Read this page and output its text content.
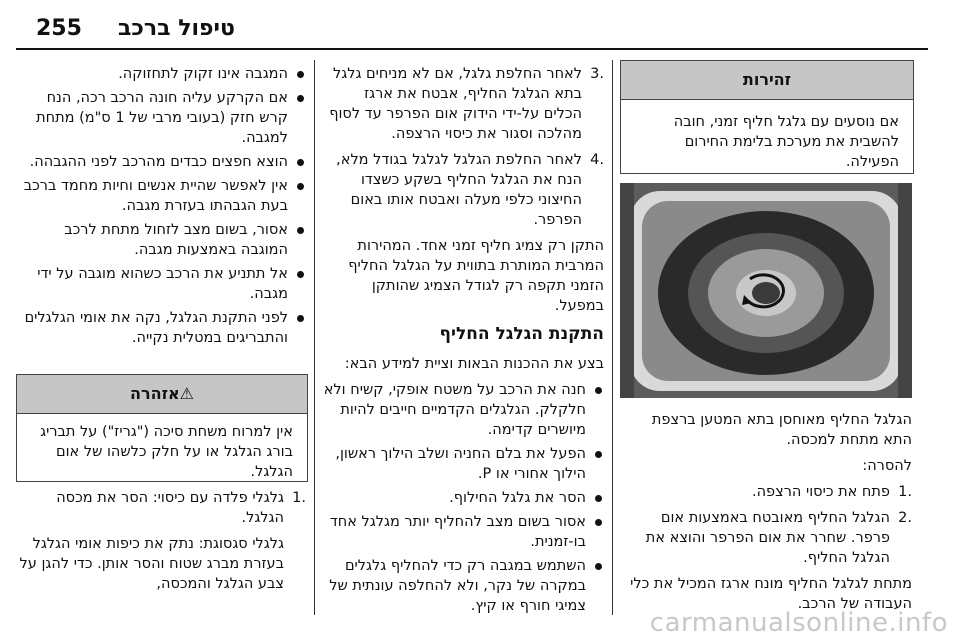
255 טיפול ברכב
זהירות
אם נוסעים עם גלגל חליף זמני, חובה להשבית את מערכת בלימת החירום הפעילה.

הגלגל החליף מאוחסן בתא המטען ברצפת התא מתחת למכסה.

להסרה:

1.
פתח את כיסוי הרצפה.
2.
הגלגל החליף מאובטח באמצעות אום פרפר. שחרר את אום הפרפר והוצא את הגלגל החליף.

מתחת לגלגל החליף מונח ארגז המכיל את כלי העבודה של הרכב.

3.
לאחר החלפת גלגל, אם לא מניחים גלגל בתא הגלגל החליף, אבטח את ארגז הכלים על-ידי הידוק אום הפרפר עד לסוף מהלכה וסגור את כיסוי הרצפה.
4.
לאחר החלפת הגלגל לגלגל בגודל מלא, הנח את הגלגל החליף בשקע כשצדו החיצוני כלפי מעלה ואבטח אותו באום הפרפר.

התקן רק צמיג חליף זמני אחד. המהירות המרבית המותרת בתווית על הגלגל החליף הזמני תקפה רק לגודל הצמיג שהותקן במפעל.

התקנת הגלגל החליף

בצע את ההכנות הבאות וציית למידע הבא:

חנה את הרכב על משטח אופקי, קשיח ולא חלקלק. הגלגלים הקדמיים חייבים להיות מיושרים קדימה.
הפעל את בלם החניה ושלב הילוך ראשון, הילוך אחורי או P.
הסר את גלגל החילוף.
אסור בשום מצב להחליף יותר מגלגל אחד בו-זמנית.
השתמש במגבה רק כדי להחליף גלגלים במקרה של נקר, ולא להחלפה עונתית של צמיגי חורף או קיץ.
המגבה אינו זקוק לתחזוקה.
אם הקרקע עליה חונה הרכב רכה, הנח קרש חזק (בעובי מרבי של 1 ס"מ) מתחת למגבה.
הוצא חפצים כבדים מהרכב לפני ההגבהה.
אין לאפשר שהיית אנשים וחיות מחמד ברכב בעת הגבהתו בעזרת מגבה.
אסור, בשום מצב לזחול מתחת לרכב המוגבה באמצעות מגבה.
אל תתניע את הרכב כשהוא מוגבה על ידי מגבה.
לפני התקנת הגלגל, נקה את אומי הגלגלים והתבריגים במטלית נקייה.
⚠אזהרה
אין למרוח משחת סיכה ("גריז") על תבריג בורג הגלגל או על חלק כלשהו של אום הגלגל.
1.
גלגלי פלדה עם כיסוי: הסר את מכסה הגלגל.
גלגלי סגסוגת: נתק את כיפות אומי הגלגל בעזרת מברג שטוח והסר אותן. כדי להגן על צבע הגלגל והמכסה,
carmanualsonline.info
